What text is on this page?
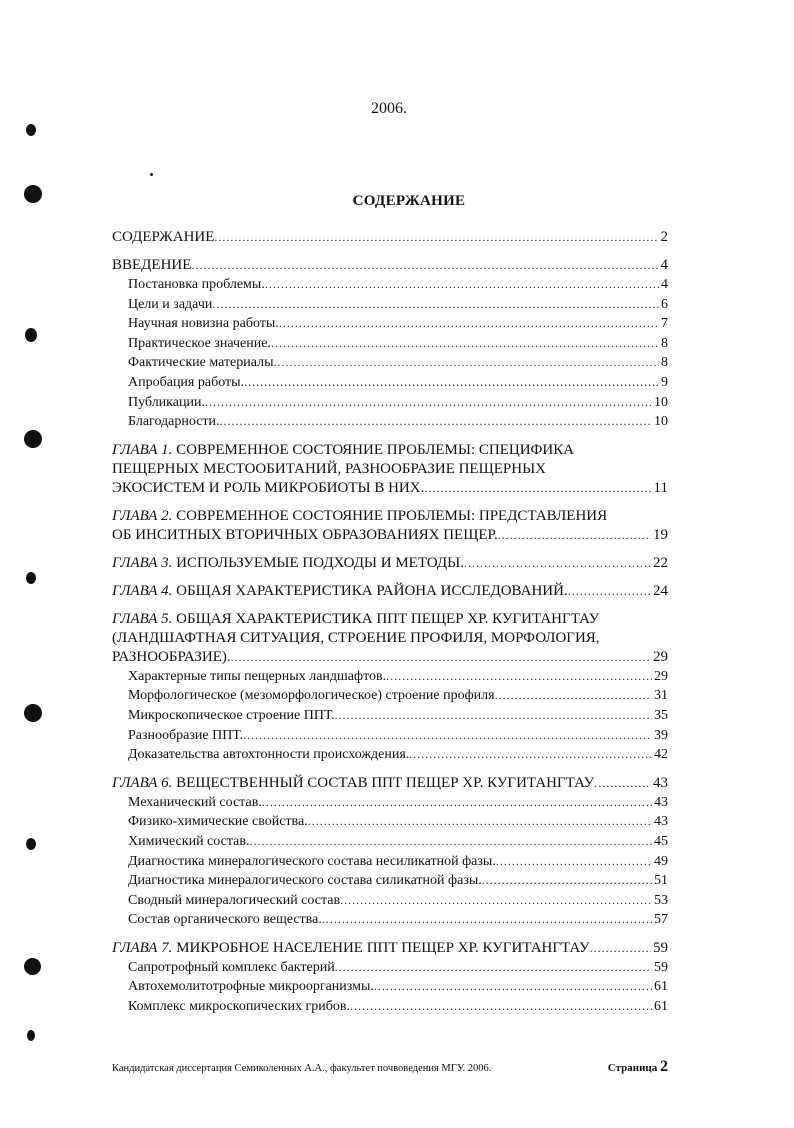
2006.
СОДЕРЖАНИЕ
СОДЕРЖАНИЕ .....	2
ВВЕДЕНИЕ .....	4
Постановка проблемы. .....	4
Цели и задачи .....	6
Научная новизна работы. .....	7
Практическое значение. .....	8
Фактические материалы .....	8
Апробация работы. .....	9
Публикации. .....	10
Благодарности. .....	10
ГЛАВА 1. СОВРЕМЕННОЕ СОСТОЯНИЕ ПРОБЛЕМЫ: СПЕЦИФИКА
ПЕЩЕРНЫХ МЕСТООБИТАНИЙ, РАЗНООБРАЗИЕ ПЕЩЕРНЫХ
ЭКОСИСТЕМ И РОЛЬ МИКРОБИОТЫ В НИХ. .....	11
ГЛАВА 2. СОВРЕМЕННОЕ СОСТОЯНИЕ ПРОБЛЕМЫ: ПРЕДСТАВЛЕНИЯ
ОБ ИНСИТНЫХ ВТОРИЧНЫХ ОБРАЗОВАНИЯХ ПЕЩЕР. .....	19
ГЛАВА 3. ИСПОЛЬЗУЕМЫЕ ПОДХОДЫ И МЕТОДЫ. .....	22
ГЛАВА 4. ОБЩАЯ ХАРАКТЕРИСТИКА РАЙОНА ИССЛЕДОВАНИЙ. .....	24
ГЛАВА 5. ОБЩАЯ ХАРАКТЕРИСТИКА ППТ ПЕЩЕР ХР. КУГИТАНГТАУ
(ЛАНДШАФТНАЯ СИТУАЦИЯ, СТРОЕНИЕ ПРОФИЛЯ, МОРФОЛОГИЯ,
РАЗНООБРАЗИЕ). .....	29
Характерные типы пещерных ландшафтов. .....	29
Морфологическое (мезоморфологическое) строение профиля .....	31
Микроскопическое строение ППТ. .....	35
Разнообразие ППТ. .....	39
Доказательства автохтонности происхождения. .....	42
ГЛАВА 6. ВЕЩЕСТВЕННЫЙ СОСТАВ ППТ ПЕЩЕР ХР. КУГИТАНГТАУ .....	43
Механический состав. .....	43
Физико-химические свойства. .....	43
Химический состав. .....	45
Диагностика минералогического состава несиликатной фазы. .....	49
Диагностика минералогического состава силикатной фазы. .....	51
Сводный минералогический состав .....	53
Состав органического вещества. .....	57
ГЛАВА 7. МИКРОБНОЕ НАСЕЛЕНИЕ ППТ ПЕЩЕР ХР. КУГИТАНГТАУ .....	59
Сапротрофный комплекс бактерий .....	59
Автохемолитотрофные микроорганизмы. .....	61
Комплекс микроскопических грибов. .....	61
Кандидатская диссертация Семиколенных А.А., факультет почвоведения МГУ. 2006.	Страница 2
